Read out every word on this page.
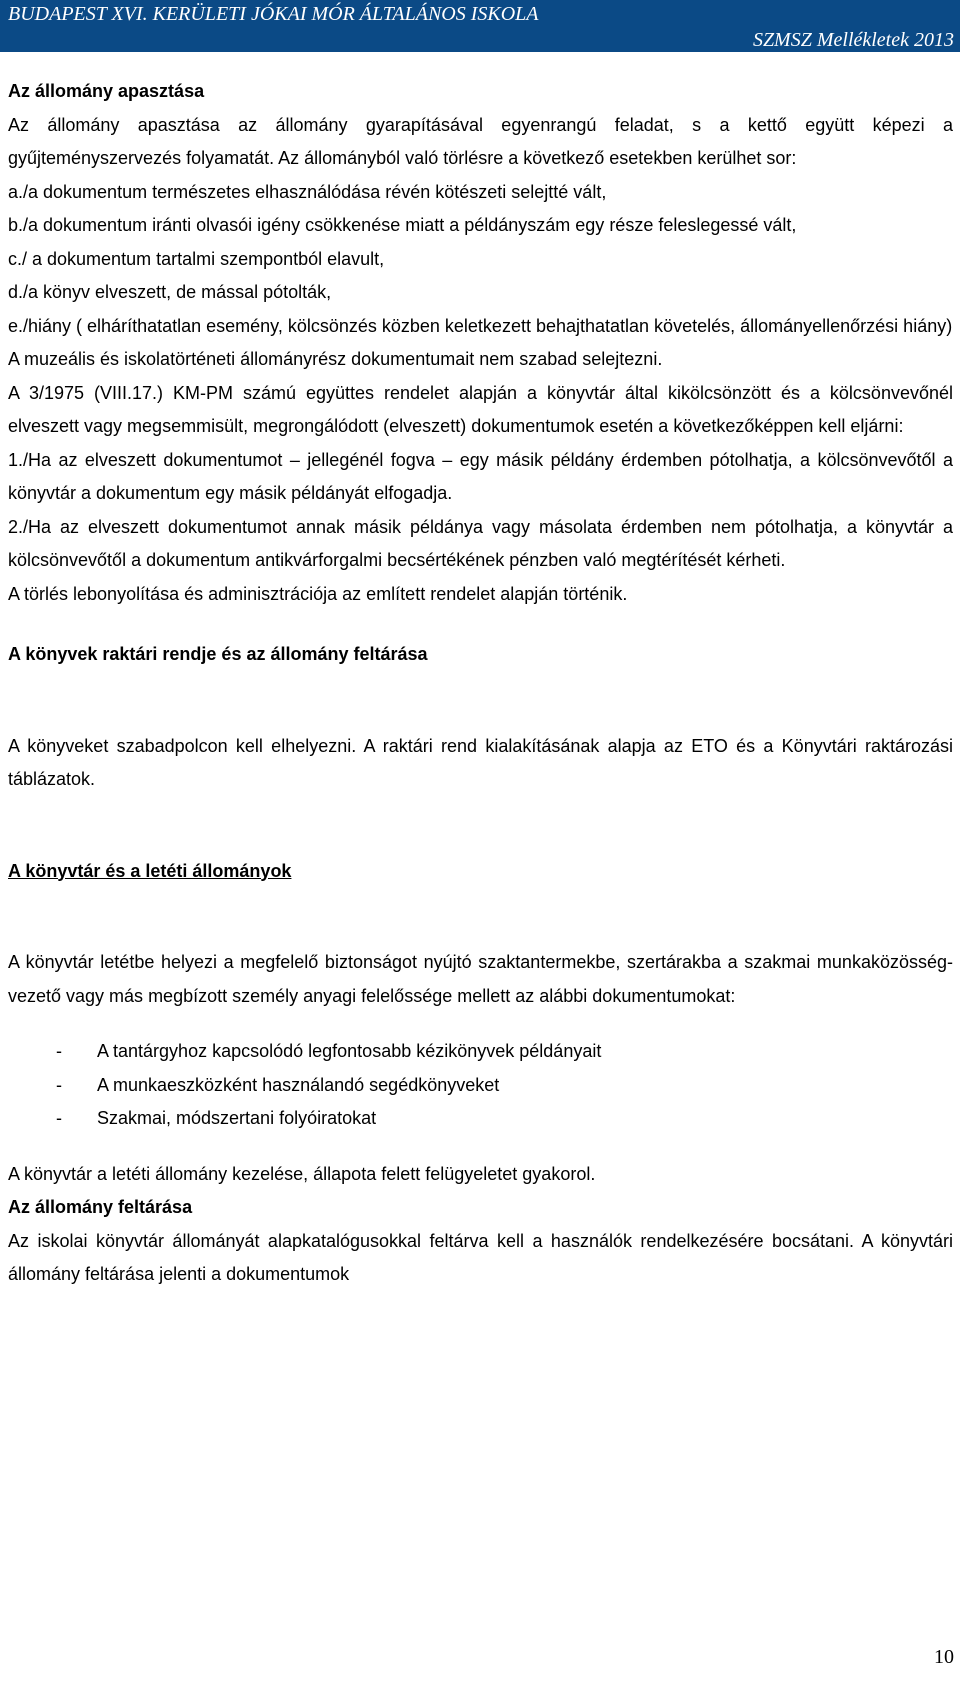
BUDAPEST XVI. KERÜLETI JÓKAI MÓR ÁLTALÁNOS ISKOLA
SZMSZ Mellékletek 2013

Az állomány apasztása

Az állomány apasztása az állomány gyarapításával egyenrangú feladat, s a kettő együtt képezi a gyűjteményszervezés folyamatát. Az állományból való törlésre a következő esetekben kerülhet sor:

a./a dokumentum természetes elhasználódása révén kötészeti selejtté vált,

b./a dokumentum iránti olvasói igény csökkenése miatt a példányszám egy része feleslegessé vált,

c./ a dokumentum tartalmi szempontból elavult,

d./a könyv elveszett, de mással pótolták,

e./hiány ( elháríthatatlan esemény, kölcsönzés közben keletkezett behajthatatlan követelés, állományellenőrzési hiány)

A muzeális és iskolatörténeti állományrész dokumentumait nem szabad selejtezni.

A 3/1975 (VIII.17.) KM-PM számú együttes rendelet alapján a könyvtár által kikölcsönzött és a kölcsönvevőnél elveszett vagy megsemmisült, megrongálódott (elveszett) dokumentumok esetén a következőképpen kell eljárni:

1./Ha az elveszett dokumentumot – jellegénél fogva – egy másik példány érdemben pótolhatja, a kölcsönvevőtől a könyvtár a dokumentum egy másik példányát elfogadja.

2./Ha az elveszett dokumentumot annak másik példánya vagy másolata érdemben nem pótolhatja, a könyvtár a kölcsönvevőtől a dokumentum antikvárforgalmi becsértékének pénzben való megtérítését kérheti.

A törlés lebonyolítása és adminisztrációja az említett rendelet alapján történik.

A könyvek raktári rendje és az állomány feltárása

A könyveket szabadpolcon kell elhelyezni. A raktári rend kialakításának alapja az ETO és a Könyvtári raktározási táblázatok.

A könyvtár és a letéti állományok

A könyvtár letétbe helyezi a megfelelő biztonságot nyújtó szaktantermekbe, szertárakba a szakmai munkaközösség-vezető vagy más megbízott személy anyagi felelőssége mellett az alábbi dokumentumokat:

- A tantárgyhoz kapcsolódó legfontosabb kézikönyvek példányait
- A munkaeszközként használandó segédkönyveket
- Szakmai, módszertani folyóiratokat

A könyvtár a letéti állomány kezelése, állapota felett felügyeletet gyakorol.

Az állomány feltárása

Az iskolai könyvtár állományát alapkatalógusokkal feltárva kell a használók rendelkezésére bocsátani. A könyvtári állomány feltárása jelenti a dokumentumok

10
